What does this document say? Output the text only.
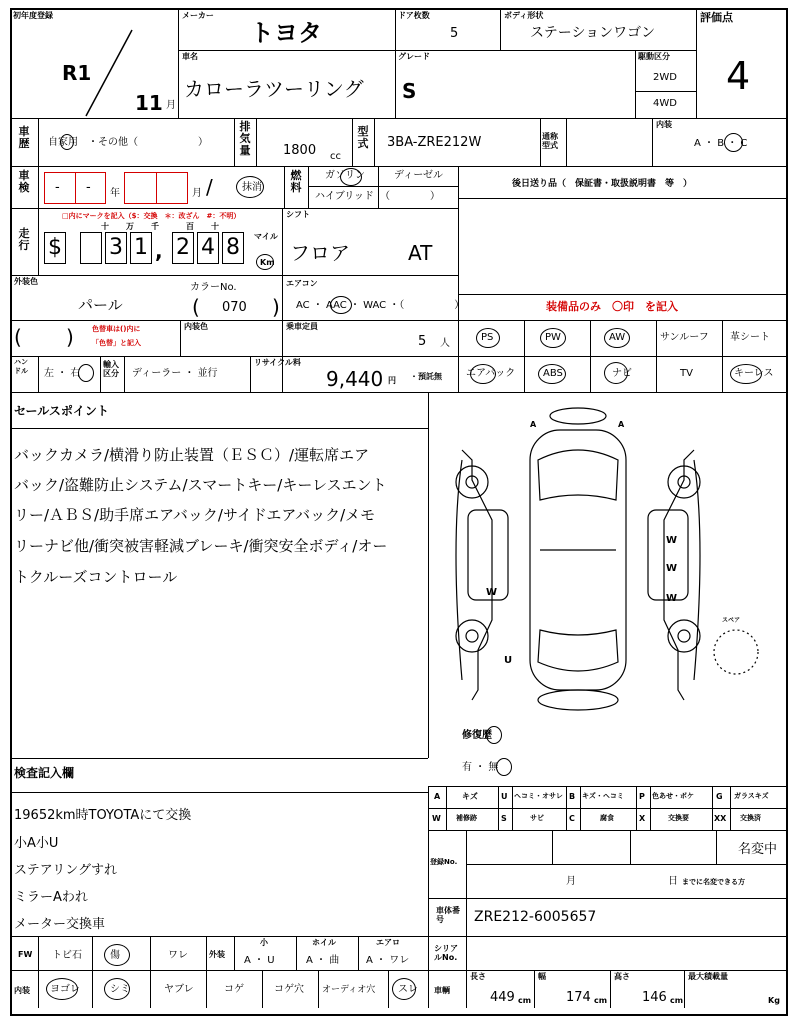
初年度登録
R1
11 月
メーカー
トヨタ
ドア枚数
5
ボディ形状
ステーションワゴン
評価点
4
車名
カローラツーリング
グレード
S
駆動区分
2WD
4WD
車歴 自家用　・その他（　　　　　　）
排気量	1800 cc
型式 3BA-ZRE212W	通称型式
内装
A ・ B ・ C
車検 - - 年	月 /	抹消
燃料
ガソリン	ディーゼル
ハイブリッド （　　　　）
後日送り品（　保証書・取扱説明書　等　）
走行
□内にマークを記入（$：交換　＊：改ざん　#：不明）
$
十 万 千	百 十
3 1 , 2 4 8	マイル
Km
シフト
フロア	AT
外装色
パール
カラーNo.
( 070 )
エアコン
AC ・ AAC ・ WAC ・（　　　　　）	装備品のみ　〇印　を記入
PS	PW	AW	サンルーフ 革シート
エアバック	ABS	ナビ	TV	キーレス
( )	色替車は()内に
「色替」と記入
内装色	乗車定員
5 人
ハンドル	左 ・ 右
輸入区分 ディーラー ・ 並行
リサイクル料
9,440 円 ・預託無
セールスポイント
バックカメラ/横滑り防止装置（ＥＳＣ）/運転席エア
バック/盗難防止システム/スマートキー/キーレスエント
リー/ＡＢＳ/助手席エアバック/サイドエアバック/メモ
リーナビ他/衝突被害軽減ブレーキ/衝突安全ボディ/オー
トクルーズコントロール
A	A
W
W
W
W
U
スペア
修復歴
有 ・ 無
検査記入欄
19652km時TOYOTAにて交換
小A小U
ステアリングすれ
ミラーAわれ
メーター交換車
A	キズ	U ヘコミ・オサレ B キズ・ヘコミ P 色あせ・ボケ	G ガラスキズ
W 補修跡	S	サビ	C	腐食	X	交換要	XX 交換済
登録No.
名変中
月	日 までに名変できる方
車体番号	ZRE212-6005657
FW トビ石	傷	ワレ	外装
小
A ・ U
ホイル
A ・ 曲
エアロ
A ・ ワレ
シリアルNo.
内装 ヨゴレ	シミ	ヤブレ	コゲ	コゲ穴 オーディオ穴 スレ 車輌
長さ
449 cm
幅
174 cm
高さ
146 cm
最大積載量
Kg
